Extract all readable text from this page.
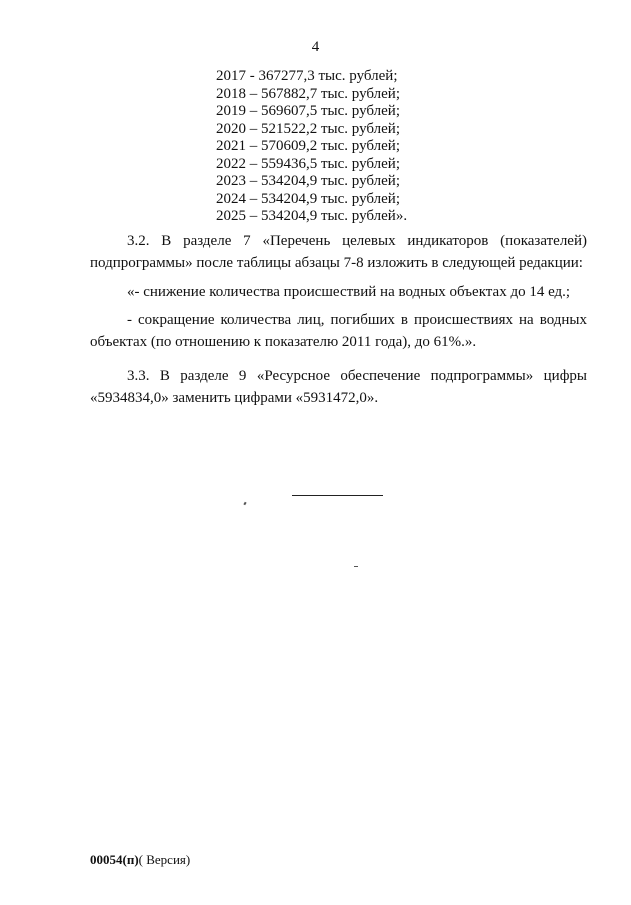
4
2017 - 367277,3 тыс. рублей;
2018 – 567882,7 тыс. рублей;
2019 – 569607,5 тыс. рублей;
2020 – 521522,2 тыс. рублей;
2021 – 570609,2 тыс. рублей;
2022 – 559436,5 тыс. рублей;
2023 – 534204,9 тыс. рублей;
2024 – 534204,9 тыс. рублей;
2025 – 534204,9 тыс. рублей».

3.2. В разделе 7 «Перечень целевых индикаторов (показателей) подпрограммы» после таблицы абзацы 7-8 изложить в следующей редакции:

«- снижение количества происшествий на водных объектах до 14 ед.;

- сокращение количества лиц, погибших в происшествиях на водных объектах (по отношению к показателю 2011 года), до 61%.».

3.3. В разделе 9 «Ресурсное обеспечение подпрограммы» цифры «5934834,0» заменить цифрами «5931472,0».

00054(п)( Версия)
